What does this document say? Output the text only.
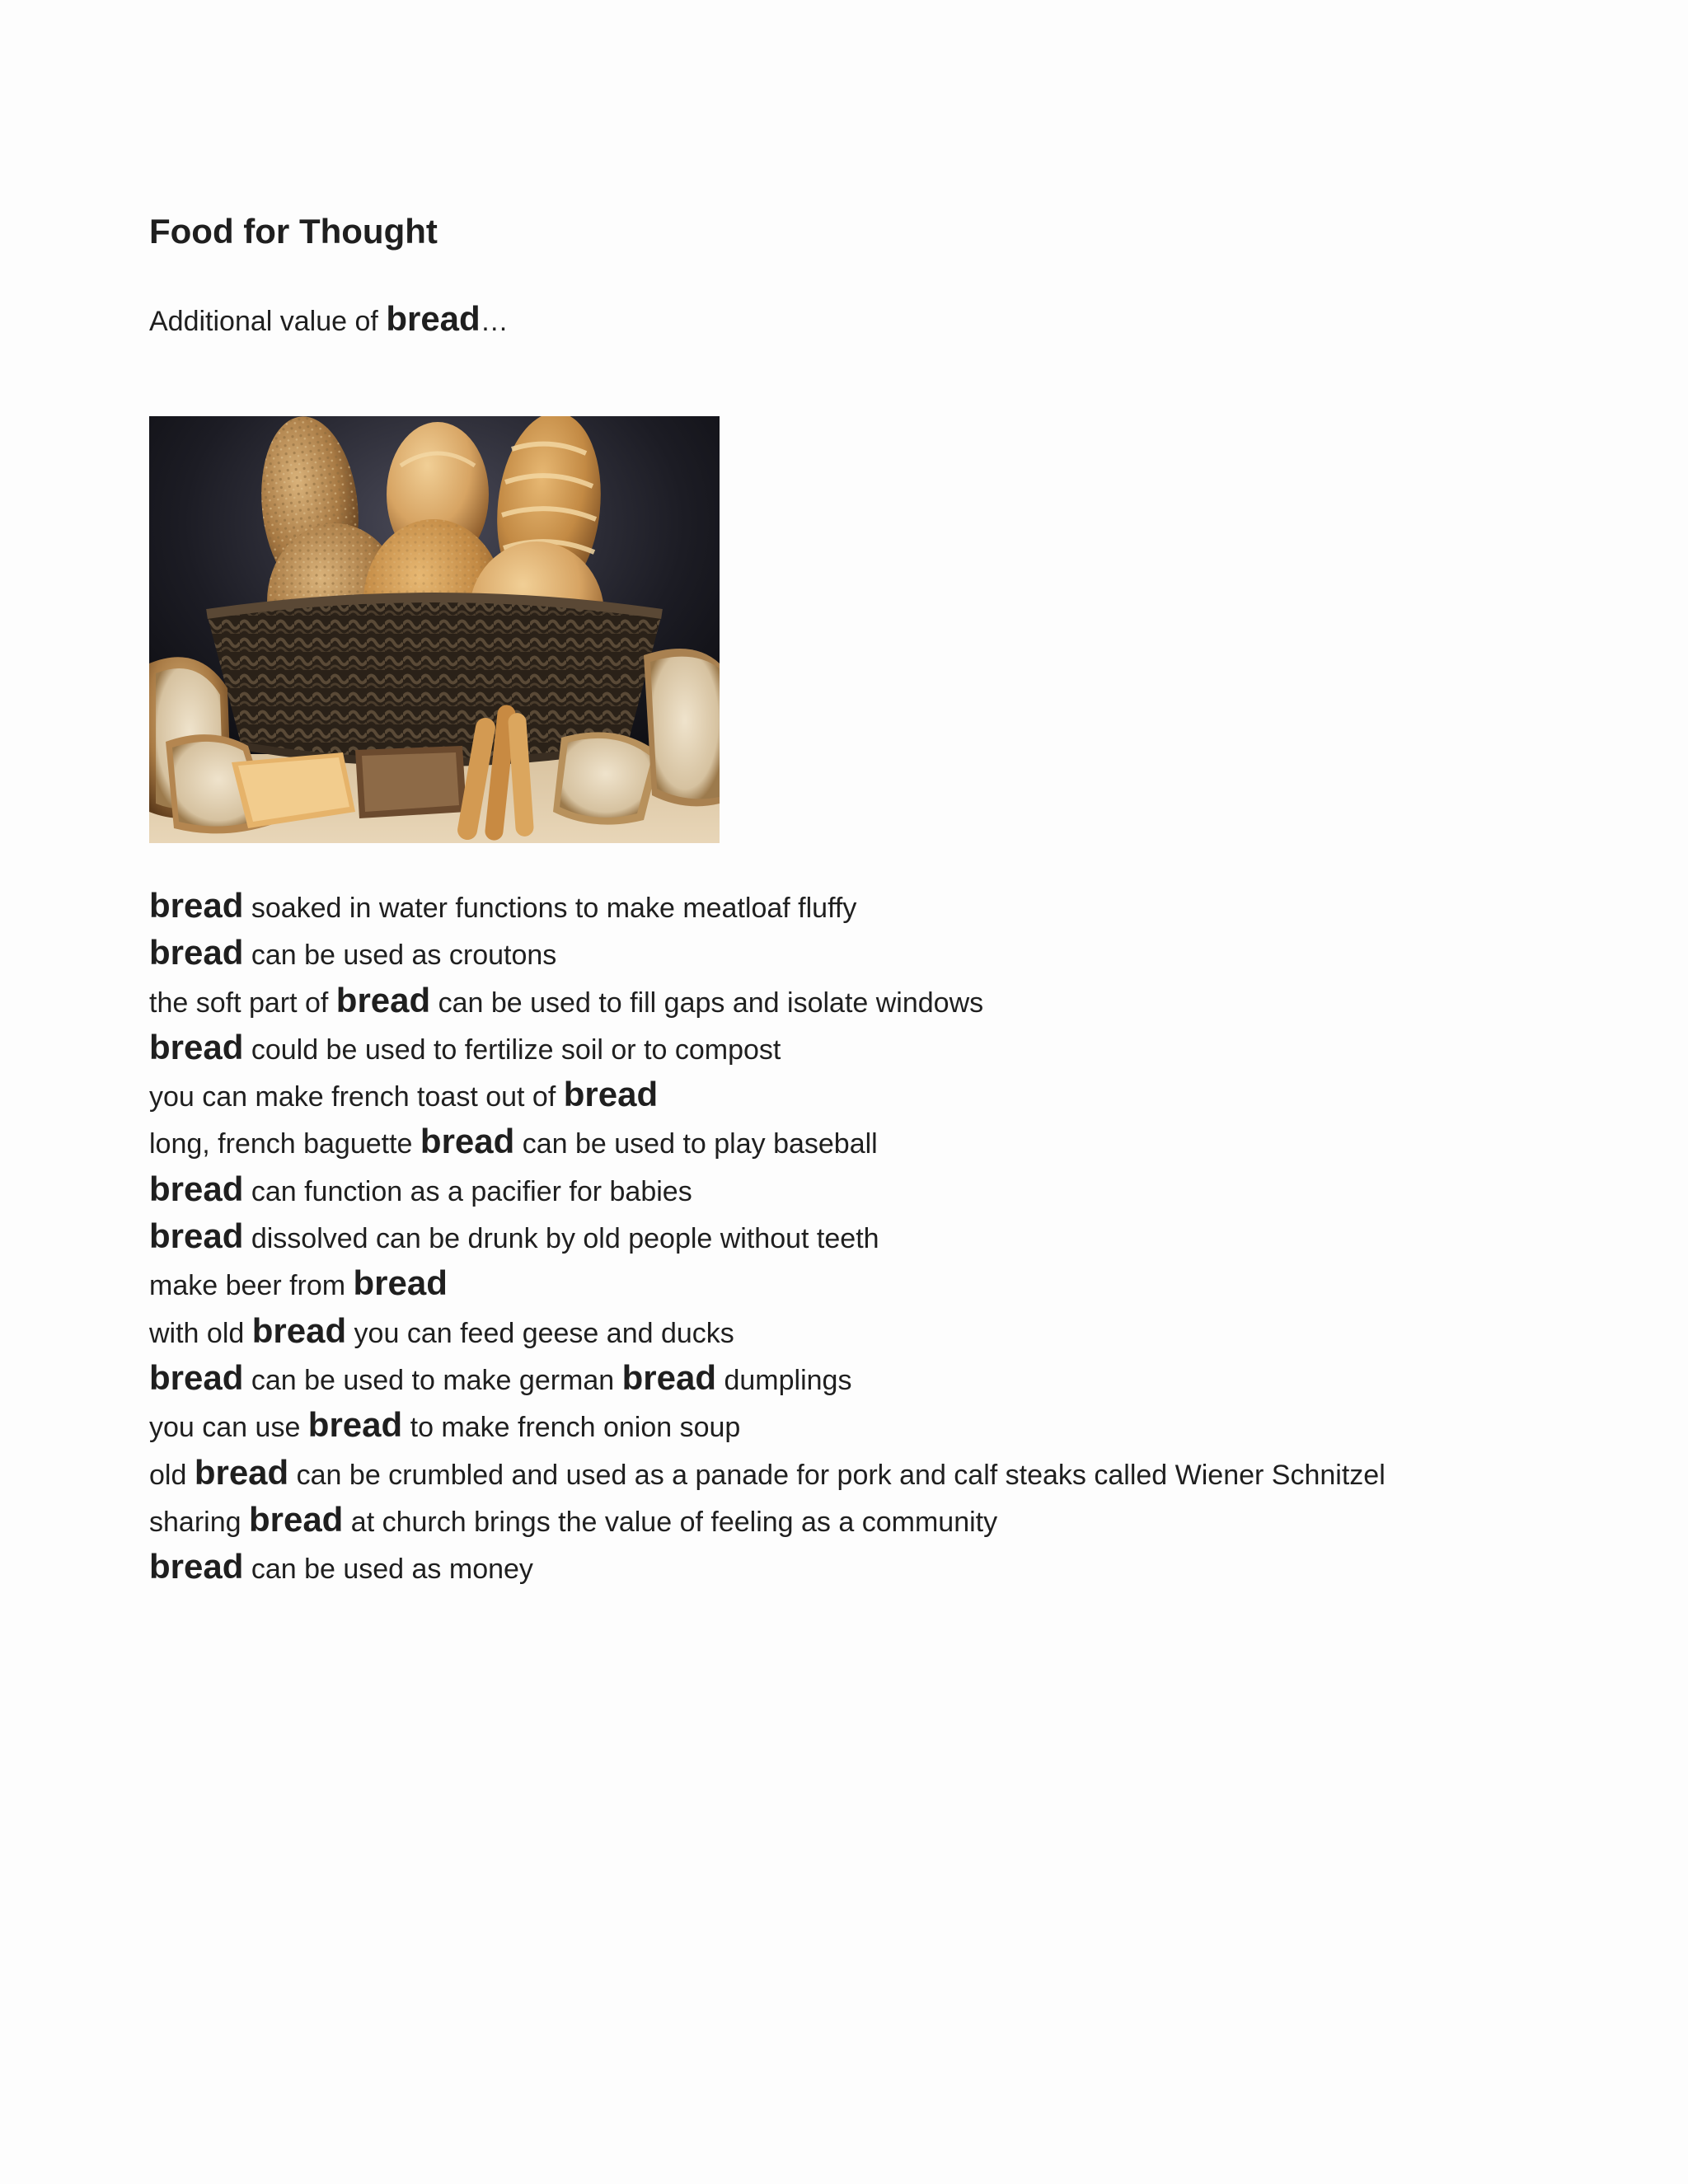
Food for Thought

Additional value of bread…

bread soaked in water functions to make meatloaf fluffy
bread can be used as croutons
the soft part of bread can be used to fill gaps and isolate windows
bread could be used to fertilize soil or to compost
you can make french toast out of bread
long, french baguette bread can be used to play baseball
bread can function as a pacifier for babies
bread dissolved can be drunk by old people without teeth
make beer from bread
with old bread you can feed geese and ducks
bread can be used to make german bread dumplings
you can use bread to make french onion soup
old bread can be crumbled and used as a panade for pork and calf steaks called Wiener Schnitzel
sharing bread at church brings the value of feeling as a community
bread can be used as money
